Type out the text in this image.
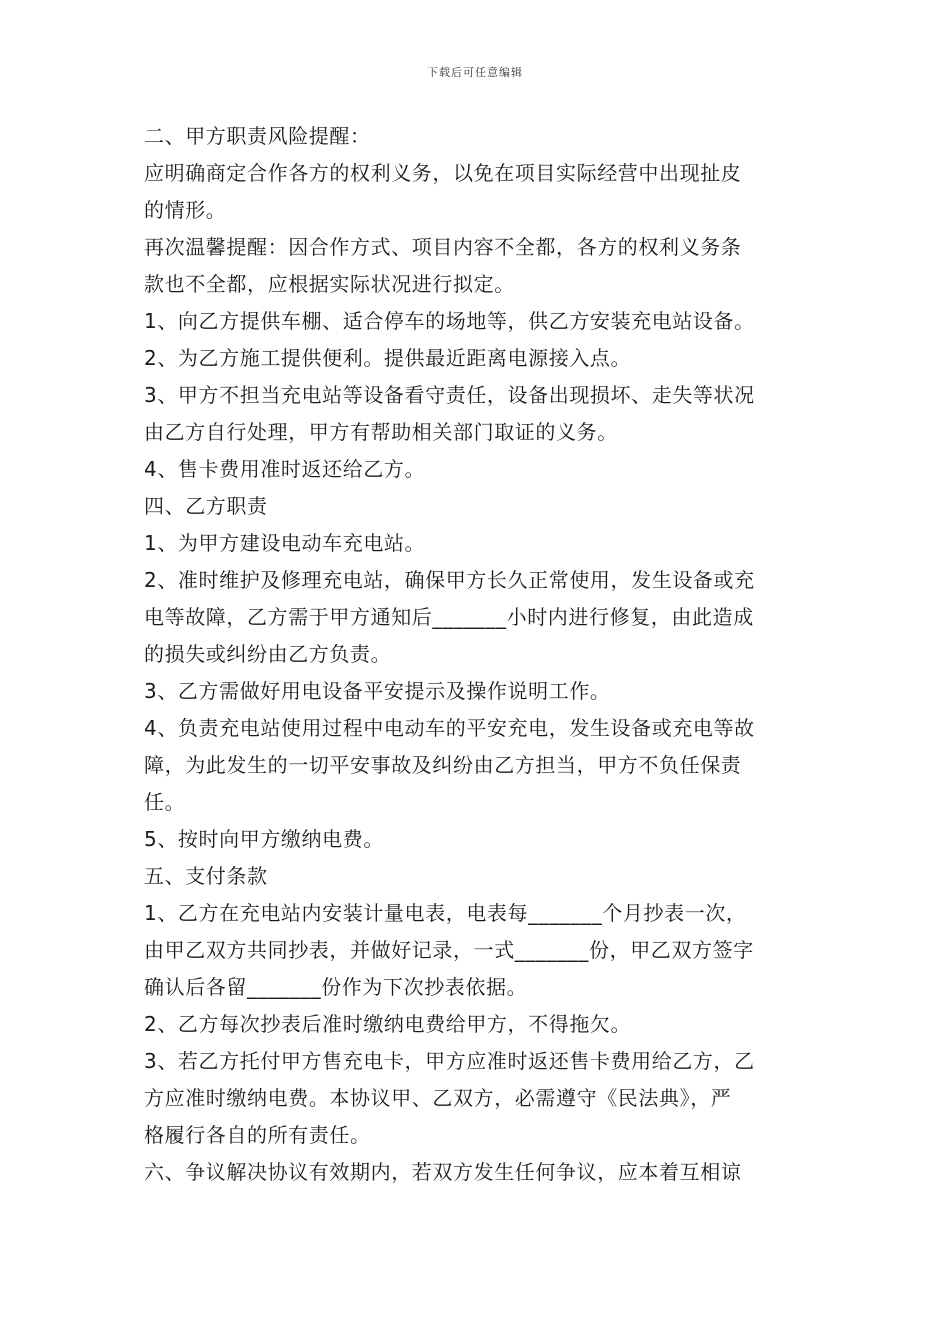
下载后可任意编辑
二、甲方职责风险提醒：
应明确商定合作各方的权利义务，以免在项目实际经营中出现扯皮
的情形。
再次温馨提醒：因合作方式、项目内容不全都，各方的权利义务条
款也不全都，应根据实际状况进行拟定。
1、向乙方提供车棚、适合停车的场地等，供乙方安装充电站设备。
2、为乙方施工提供便利。提供最近距离电源接入点。
3、甲方不担当充电站等设备看守责任，设备出现损坏、走失等状况
由乙方自行处理，甲方有帮助相关部门取证的义务。
4、售卡费用准时返还给乙方。
四、乙方职责
1、为甲方建设电动车充电站。
2、准时维护及修理充电站，确保甲方长久正常使用，发生设备或充
电等故障，乙方需于甲方通知后_______小时内进行修复，由此造成
的损失或纠纷由乙方负责。
3、乙方需做好用电设备平安提示及操作说明工作。
4、负责充电站使用过程中电动车的平安充电，发生设备或充电等故
障，为此发生的一切平安事故及纠纷由乙方担当，甲方不负任保责
任。
5、按时向甲方缴纳电费。
五、支付条款
1、乙方在充电站内安装计量电表，电表每_______个月抄表一次，
由甲乙双方共同抄表，并做好记录，一式_______份，甲乙双方签字
确认后各留_______份作为下次抄表依据。
2、乙方每次抄表后准时缴纳电费给甲方，不得拖欠。
3、若乙方托付甲方售充电卡，甲方应准时返还售卡费用给乙方，乙
方应准时缴纳电费。本协议甲、乙双方，必需遵守《民法典》，严
格履行各自的所有责任。
六、争议解决协议有效期内，若双方发生任何争议，应本着互相谅
